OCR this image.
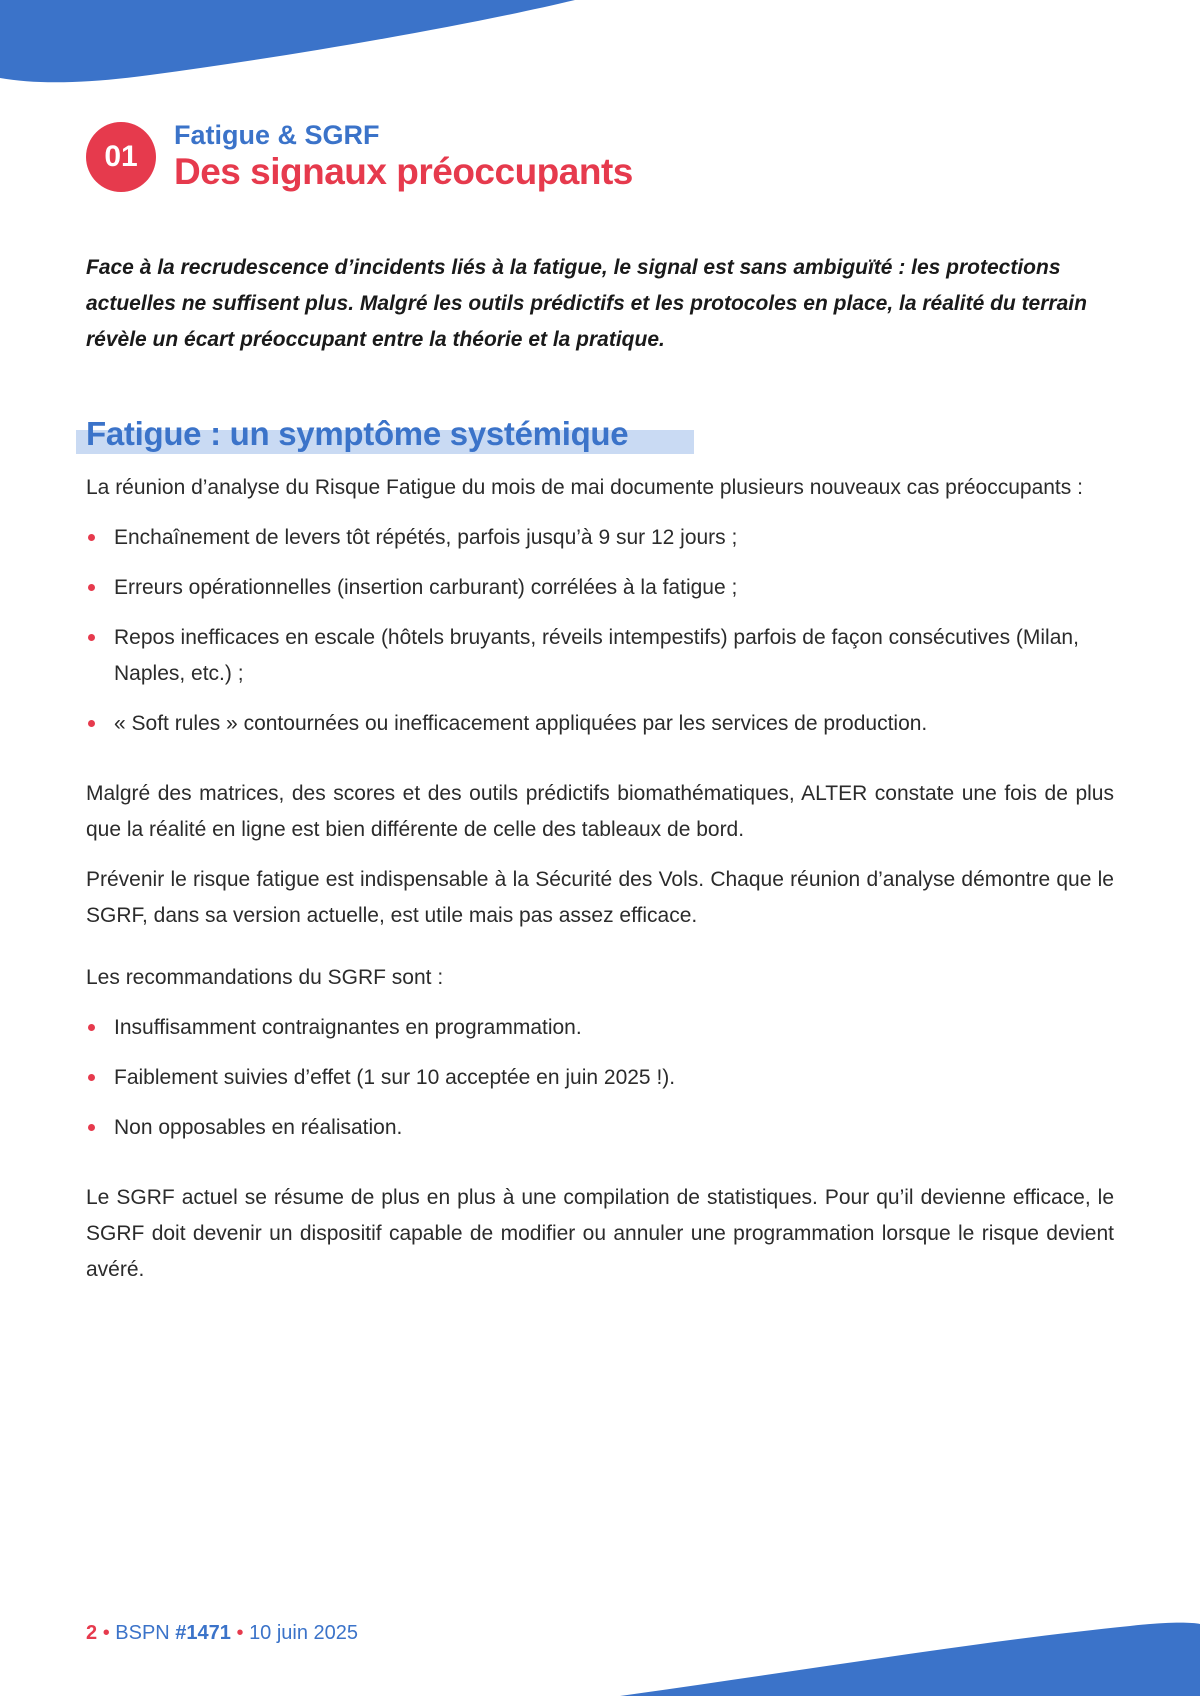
01
Fatigue & SGRF
Des signaux préoccupants

Face à la recrudescence d’incidents liés à la fatigue, le signal est sans ambiguïté : les protections actuelles ne suffisent plus. Malgré les outils prédictifs et les protocoles en place, la réalité du terrain révèle un écart préoccupant entre la théorie et la pratique.

Fatigue : un symptôme systémique

La réunion d’analyse du Risque Fatigue du mois de mai documente plusieurs nouveaux cas préoccupants :

Enchaînement de levers tôt répétés, parfois jusqu’à 9 sur 12 jours ;
Erreurs opérationnelles (insertion carburant) corrélées à la fatigue ;
Repos inefficaces en escale (hôtels bruyants, réveils intempestifs) parfois de façon consécutives (Milan, Naples, etc.) ;
« Soft rules » contournées ou inefficacement appliquées par les services de production.

Malgré des matrices, des scores et des outils prédictifs biomathématiques, ALTER constate une fois de plus que la réalité en ligne est bien différente de celle des tableaux de bord.

Prévenir le risque fatigue est indispensable à la Sécurité des Vols. Chaque réunion d’analyse démontre que le SGRF, dans sa version actuelle, est utile mais pas assez efficace.

Les recommandations du SGRF sont :

Insuffisamment contraignantes en programmation.
Faiblement suivies d’effet (1 sur 10 acceptée en juin 2025 !).
Non opposables en réalisation.

Le SGRF actuel se résume de plus en plus à une compilation de statistiques. Pour qu’il devienne efficace, le SGRF doit devenir un dispositif capable de modifier ou annuler une programmation lorsque le risque devient avéré.

2 • BSPN #1471 • 10 juin 2025
